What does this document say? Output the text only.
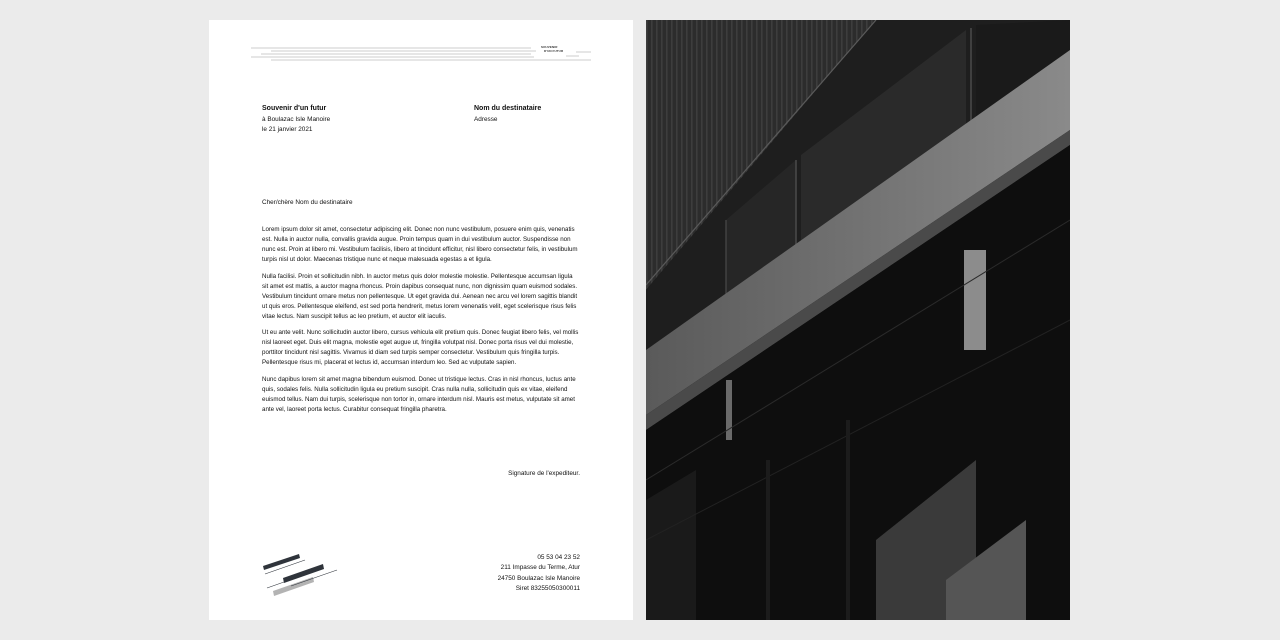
SOUVENIR
D'UN FUTUR
Souvenir d'un futur
à Boulazac Isle Manoire
le 21 janvier 2021
Nom du destinataire
Adresse
Cher/chère Nom du destinataire

Lorem ipsum dolor sit amet, consectetur adipiscing elit. Donec non nunc vestibulum, posuere enim quis, venenatis est. Nulla in auctor nulla, convallis gravida augue. Proin tempus quam in dui vestibulum auctor. Suspendisse non nunc est. Proin at libero mi. Vestibulum facilisis, libero at tincidunt efficitur, nisl libero consectetur felis, in vestibulum turpis nisl ut dolor. Maecenas tristique nunc et neque malesuada egestas a et ligula.

Nulla facilisi. Proin et sollicitudin nibh. In auctor metus quis dolor molestie molestie. Pellentesque accumsan ligula sit amet est mattis, a auctor magna rhoncus. Proin dapibus consequat nunc, non dignissim quam euismod sodales. Vestibulum tincidunt ornare metus non pellentesque. Ut eget gravida dui. Aenean nec arcu vel lorem sagittis blandit ut quis eros. Pellentesque eleifend, est sed porta hendrerit, metus lorem venenatis velit, eget scelerisque risus felis vitae lectus. Nam suscipit tellus ac leo pretium, et auctor elit iaculis.

Ut eu ante velit. Nunc sollicitudin auctor libero, cursus vehicula elit pretium quis. Donec feugiat libero felis, vel mollis nisl laoreet eget. Duis elit magna, molestie eget augue ut, fringilla volutpat nisl. Donec porta risus vel dui molestie, porttitor tincidunt nisl sagittis. Vivamus id diam sed turpis semper consectetur. Vestibulum quis fringilla turpis. Pellentesque risus mi, placerat et lectus id, accumsan interdum leo. Sed ac vulputate sapien.

Nunc dapibus lorem sit amet magna bibendum euismod. Donec ut tristique lectus. Cras in nisl rhoncus, luctus ante quis, sodales felis. Nulla sollicitudin ligula eu pretium suscipit. Cras nulla nulla, sollicitudin quis ex vitae, eleifend euismod tellus. Nam dui turpis, scelerisque non tortor in, ornare interdum nisl. Mauris est metus, vulputate sit amet ante vel, laoreet porta lectus. Curabitur consequat fringilla pharetra.

Signature de l'expediteur.
05 53 04 23 52
211 Impasse du Terme, Atur
24750 Boulazac Isle Manoire
Siret 83255050300011
